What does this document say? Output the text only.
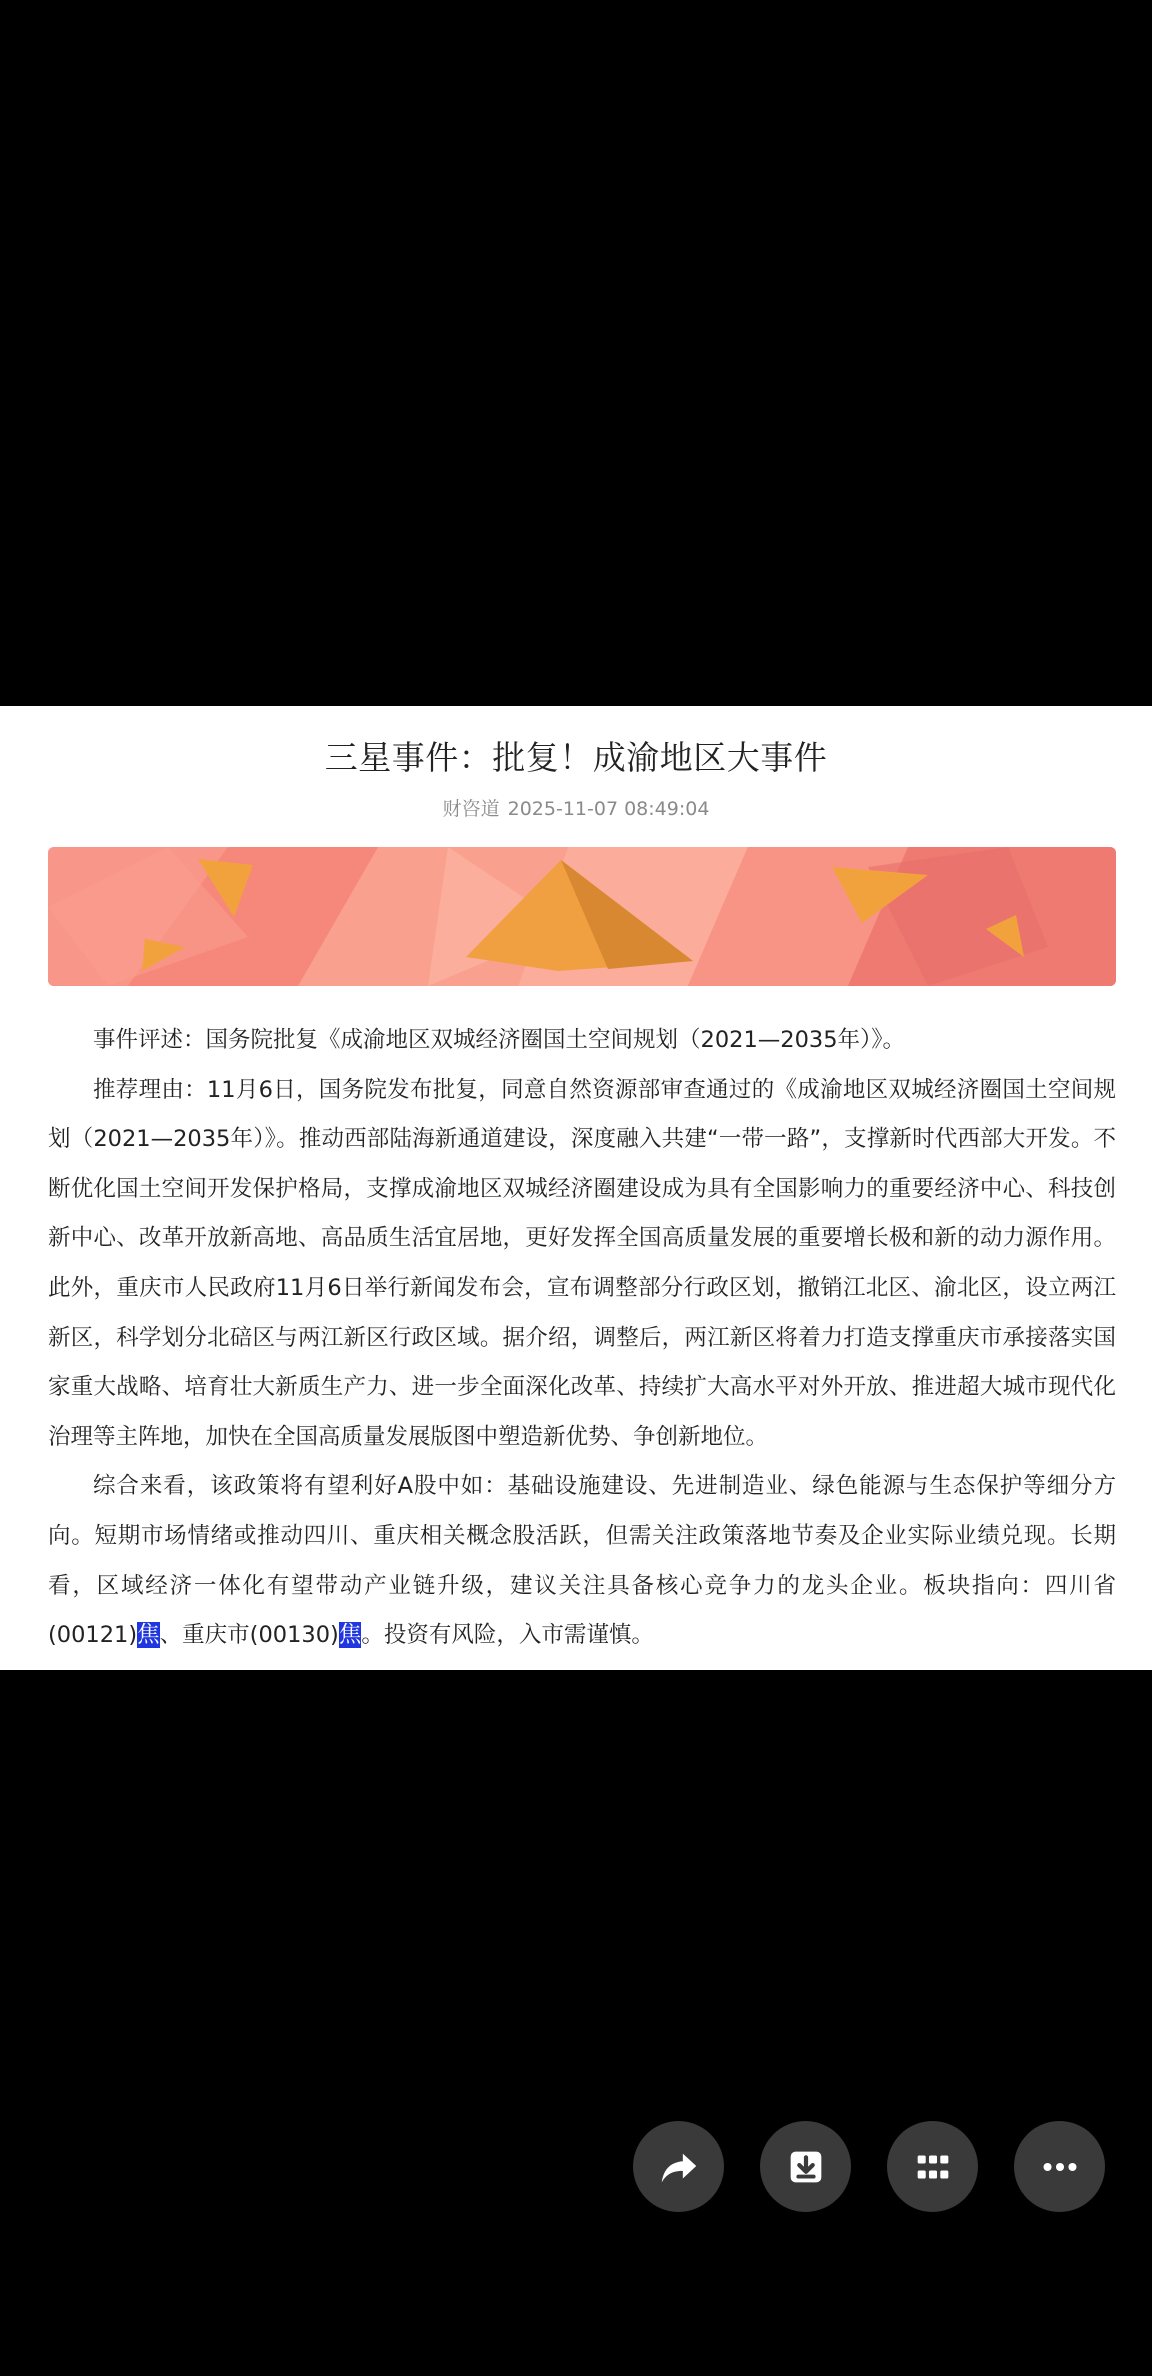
三星事件：批复！成渝地区大事件
财咨道 2025-11-07 08:49:04

事件评述：国务院批复《成渝地区双城经济圈国土空间规划（2021—2035年）》。

推荐理由：11月6日，国务院发布批复，同意自然资源部审查通过的《成渝地区双城经济圈国土空间规划（2021—2035年）》。推动西部陆海新通道建设，深度融入共建“一带一路”，支撑新时代西部大开发。不断优化国土空间开发保护格局，支撑成渝地区双城经济圈建设成为具有全国影响力的重要经济中心、科技创新中心、改革开放新高地、高品质生活宜居地，更好发挥全国高质量发展的重要增长极和新的动力源作用。此外，重庆市人民政府11月6日举行新闻发布会，宣布调整部分行政区划，撤销江北区、渝北区，设立两江新区，科学划分北碚区与两江新区行政区域。据介绍，调整后，两江新区将着力打造支撑重庆市承接落实国家重大战略、培育壮大新质生产力、进一步全面深化改革、持续扩大高水平对外开放、推进超大城市现代化治理等主阵地，加快在全国高质量发展版图中塑造新优势、争创新地位。

综合来看，该政策将有望利好A股中如：基础设施建设、先进制造业、绿色能源与生态保护等细分方向。短期市场情绪或推动四川、重庆相关概念股活跃，但需关注政策落地节奏及企业实际业绩兑现。长期看，区域经济一体化有望带动产业链升级，建议关注具备核心竞争力的龙头企业。板块指向：四川省(00121)焦、重庆市(00130)焦。投资有风险，入市需谨慎。
